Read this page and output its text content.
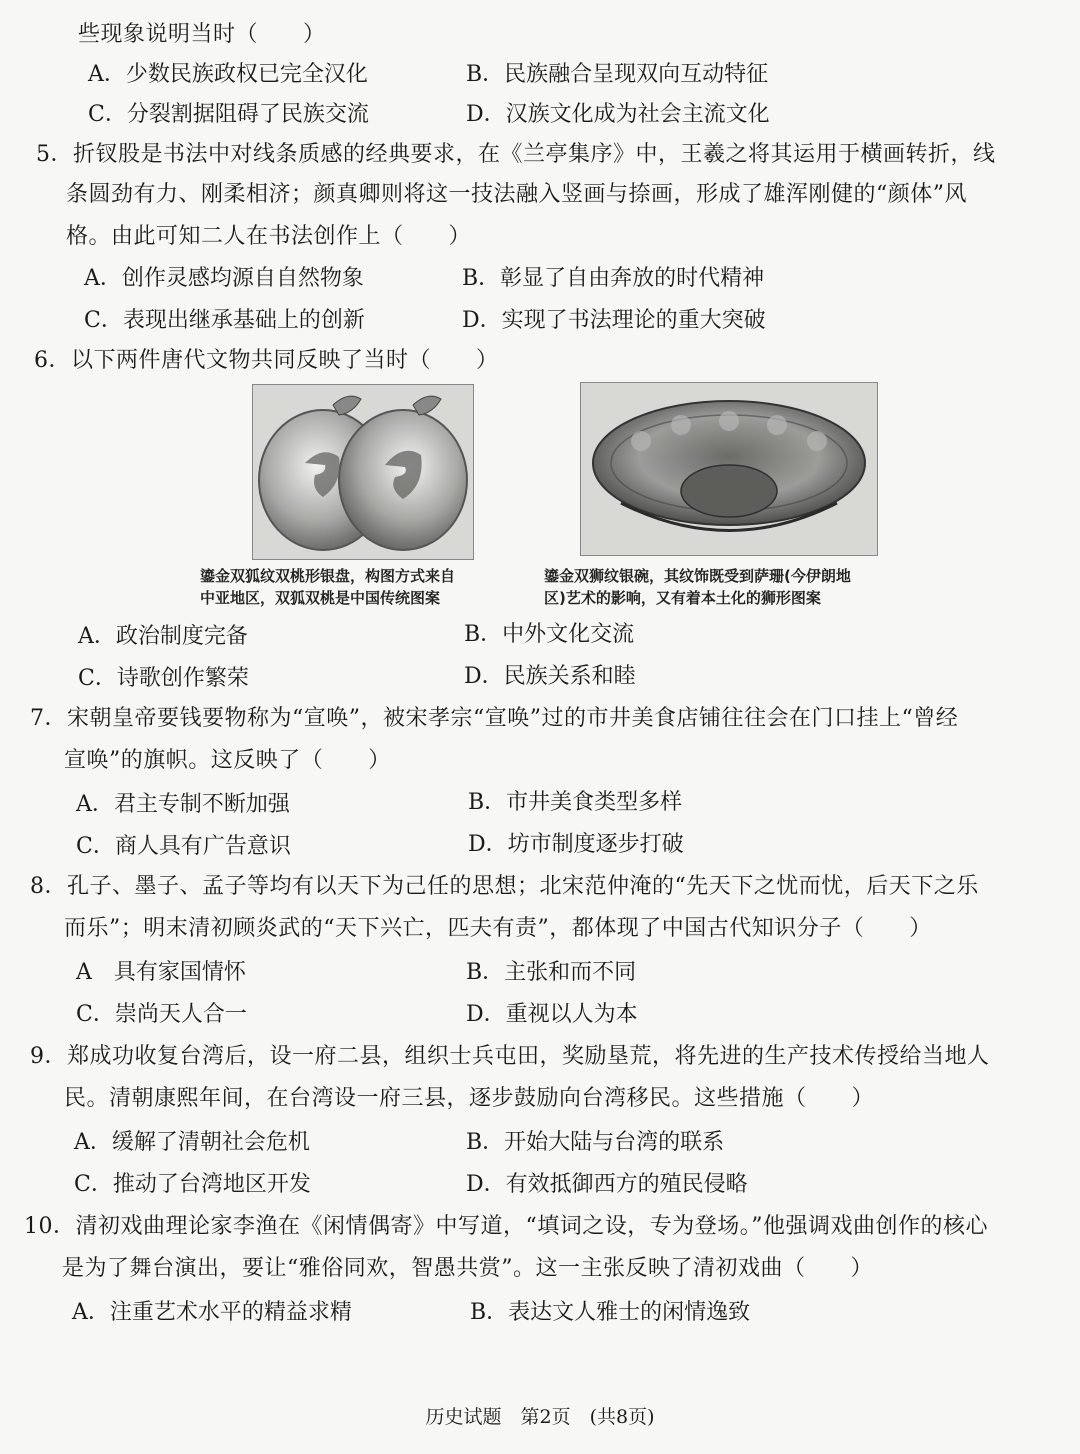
些现象说明当时（　　）
A．少数民族政权已完全汉化	B．民族融合呈现双向互动特征
C．分裂割据阻碍了民族交流	D．汉族文化成为社会主流文化
5．折钗股是书法中对线条质感的经典要求，在《兰亭集序》中，王羲之将其运用于横画转折，线
条圆劲有力、刚柔相济；颜真卿则将这一技法融入竖画与捺画，形成了雄浑刚健的“颜体”风
格。由此可知二人在书法创作上（　　）
A．创作灵感均源自自然物象	B．彰显了自由奔放的时代精神
C．表现出继承基础上的创新	D．实现了书法理论的重大突破
6．以下两件唐代文物共同反映了当时（　　）
鎏金双狐纹双桃形银盘，构图方式来自
中亚地区，双狐双桃是中国传统图案
鎏金双狮纹银碗，其纹饰既受到萨珊(今伊朗地
区)艺术的影响，又有着本土化的狮形图案
A．政治制度完备	B．中外文化交流
C．诗歌创作繁荣	D．民族关系和睦
7．宋朝皇帝要钱要物称为“宣唤”，被宋孝宗“宣唤”过的市井美食店铺往往会在门口挂上“曾经
宣唤”的旗帜。这反映了（　　）
A．君主专制不断加强	B．市井美食类型多样
C．商人具有广告意识	D．坊市制度逐步打破
8．孔子、墨子、孟子等均有以天下为己任的思想；北宋范仲淹的“先天下之忧而忧，后天下之乐
而乐”；明末清初顾炎武的“天下兴亡，匹夫有责”，都体现了中国古代知识分子（　　）
A　具有家国情怀	B．主张和而不同
C．崇尚天人合一	D．重视以人为本
9．郑成功收复台湾后，设一府二县，组织士兵屯田，奖励垦荒，将先进的生产技术传授给当地人
民。清朝康熙年间，在台湾设一府三县，逐步鼓励向台湾移民。这些措施（　　）
A．缓解了清朝社会危机	B．开始大陆与台湾的联系
C．推动了台湾地区开发	D．有效抵御西方的殖民侵略
10．清初戏曲理论家李渔在《闲情偶寄》中写道，“填词之设，专为登场。”他强调戏曲创作的核心
是为了舞台演出，要让“雅俗同欢，智愚共赏”。这一主张反映了清初戏曲（　　）
A．注重艺术水平的精益求精	B．表达文人雅士的闲情逸致
历史试题　第2页　(共8页)
